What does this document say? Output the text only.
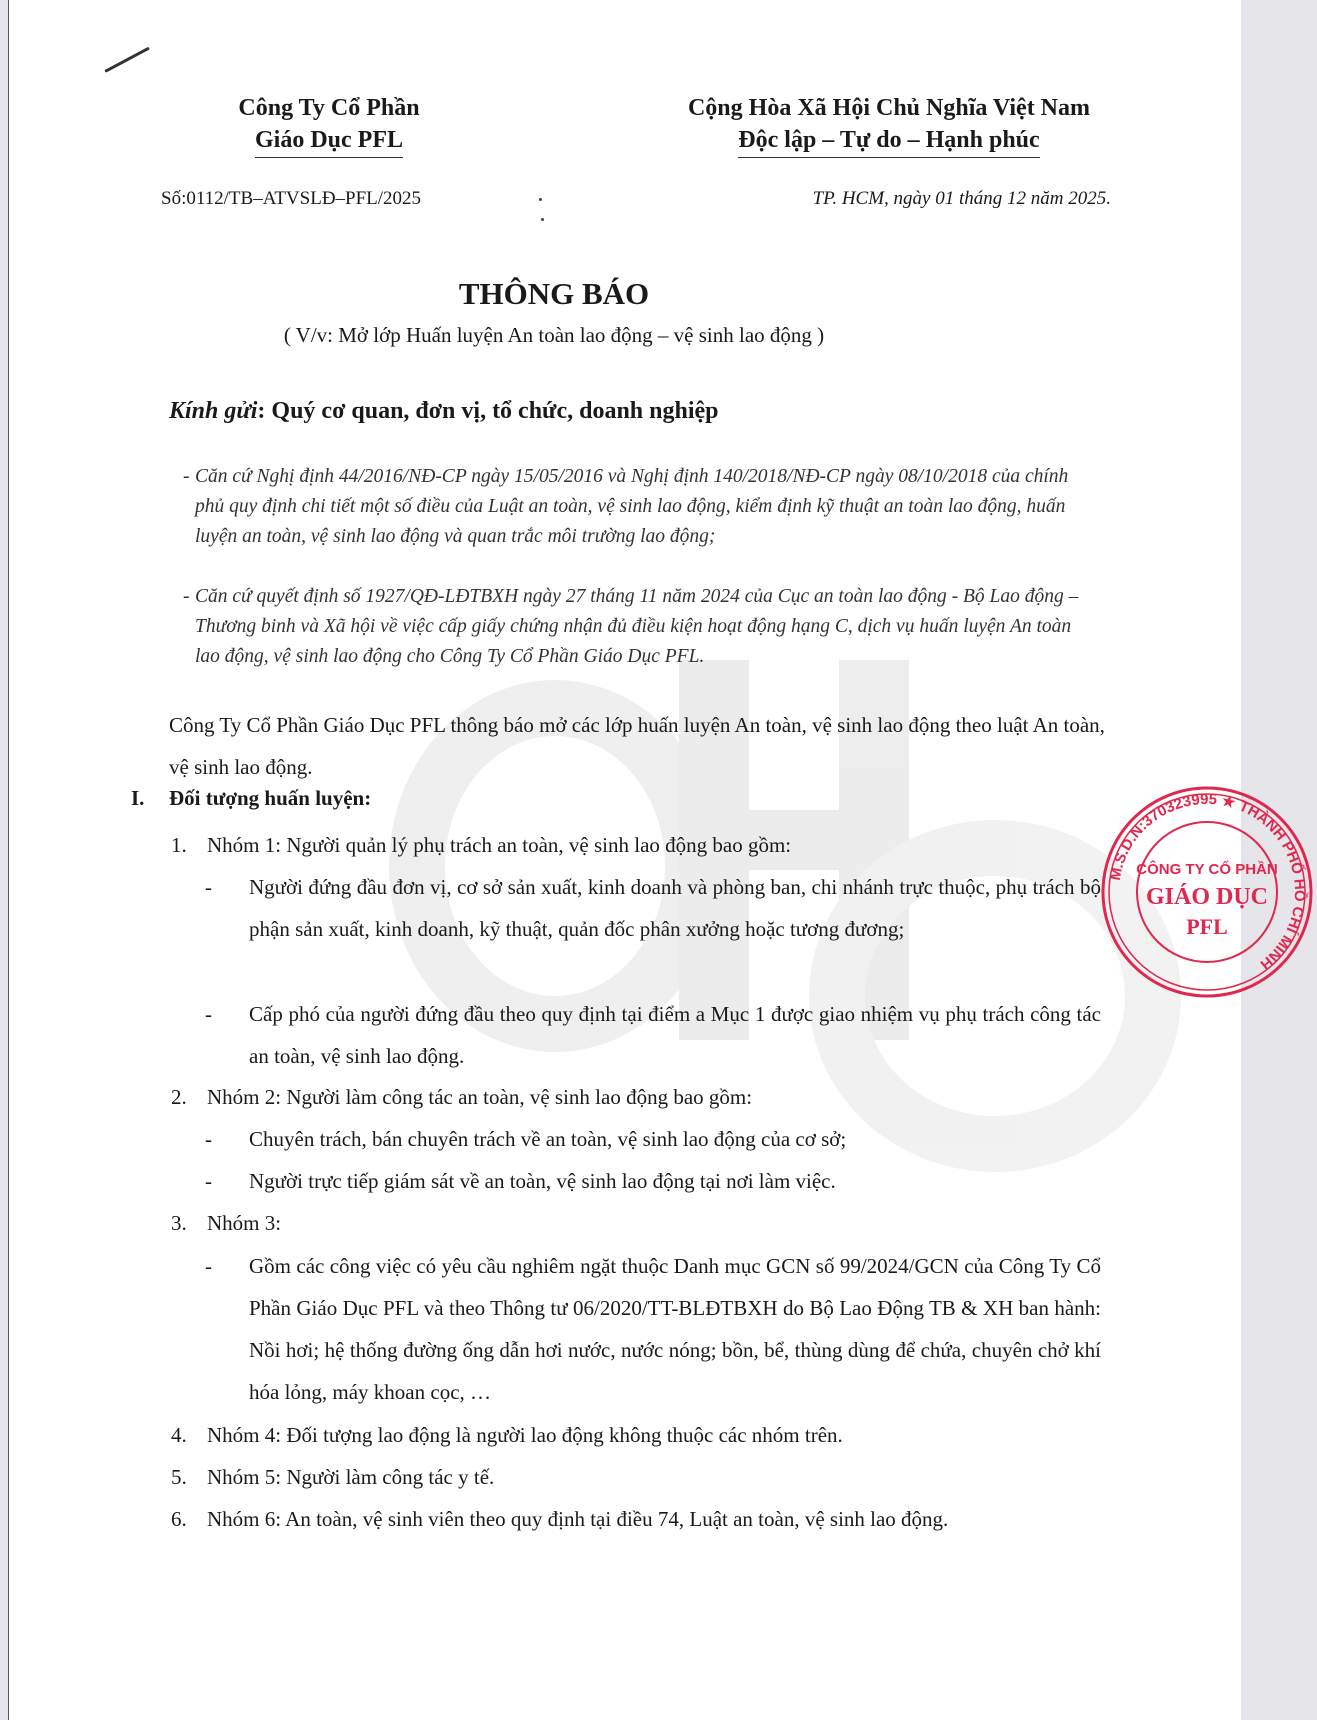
Công Ty Cổ Phần
Giáo Dục PFL
Cộng Hòa Xã Hội Chủ Nghĩa Việt Nam
Độc lập – Tự do – Hạnh phúc
Số:0112/TB–ATVSLĐ–PFL/2025	TP. HCM, ngày 01 tháng 12 năm 2025.
THÔNG BÁO
( V/v: Mở lớp Huấn luyện An toàn lao động – vệ sinh lao động )
Kính gửi: Quý cơ quan, đơn vị, tổ chức, doanh nghiệp
- Căn cứ Nghị định 44/2016/NĐ-CP ngày 15/05/2016 và Nghị định 140/2018/NĐ-CP ngày 08/10/2018 của chính phủ quy định chi tiết một số điều của Luật an toàn, vệ sinh lao động, kiểm định kỹ thuật an toàn lao động, huấn luyện an toàn, vệ sinh lao động và quan trắc môi trường lao động;
- Căn cứ quyết định số 1927/QĐ-LĐTBXH ngày 27 tháng 11 năm 2024 của Cục an toàn lao động - Bộ Lao động – Thương binh và Xã hội về việc cấp giấy chứng nhận đủ điều kiện hoạt động hạng C, dịch vụ huấn luyện An toàn lao động, vệ sinh lao động cho Công Ty Cổ Phần Giáo Dục PFL.
Công Ty Cổ Phần Giáo Dục PFL thông báo mở các lớp huấn luyện An toàn, vệ sinh lao động theo luật An toàn, vệ sinh lao động.
I. Đối tượng huấn luyện:
1. Nhóm 1: Người quản lý phụ trách an toàn, vệ sinh lao động bao gồm:
-	Người đứng đầu đơn vị, cơ sở sản xuất, kinh doanh và phòng ban, chi nhánh trực thuộc, phụ trách bộ phận sản xuất, kinh doanh, kỹ thuật, quản đốc phân xưởng hoặc tương đương;
-	Cấp phó của người đứng đầu theo quy định tại điểm a Mục 1 được giao nhiệm vụ phụ trách công tác an toàn, vệ sinh lao động.
2. Nhóm 2: Người làm công tác an toàn, vệ sinh lao động bao gồm:
-	Chuyên trách, bán chuyên trách về an toàn, vệ sinh lao động của cơ sở;
-	Người trực tiếp giám sát về an toàn, vệ sinh lao động tại nơi làm việc.
3. Nhóm 3:
-	Gồm các công việc có yêu cầu nghiêm ngặt thuộc Danh mục GCN số 99/2024/GCN của Công Ty Cổ Phần Giáo Dục PFL và theo Thông tư 06/2020/TT-BLĐTBXH do Bộ Lao Động TB & XH ban hành: Nồi hơi; hệ thống đường ống dẫn hơi nước, nước nóng; bồn, bể, thùng dùng để chứa, chuyên chở khí hóa lỏng, máy khoan cọc, …
4. Nhóm 4: Đối tượng lao động là người lao động không thuộc các nhóm trên.
5. Nhóm 5: Người làm công tác y tế.
6. Nhóm 6: An toàn, vệ sinh viên theo quy định tại điều 74, Luật an toàn, vệ sinh lao động.
M.S.D.N:370323995 ★ THÀNH PHỐ HỒ CHÍ MINH
CÔNG TY CỔ PHẦN
GIÁO DỤC
PFL
